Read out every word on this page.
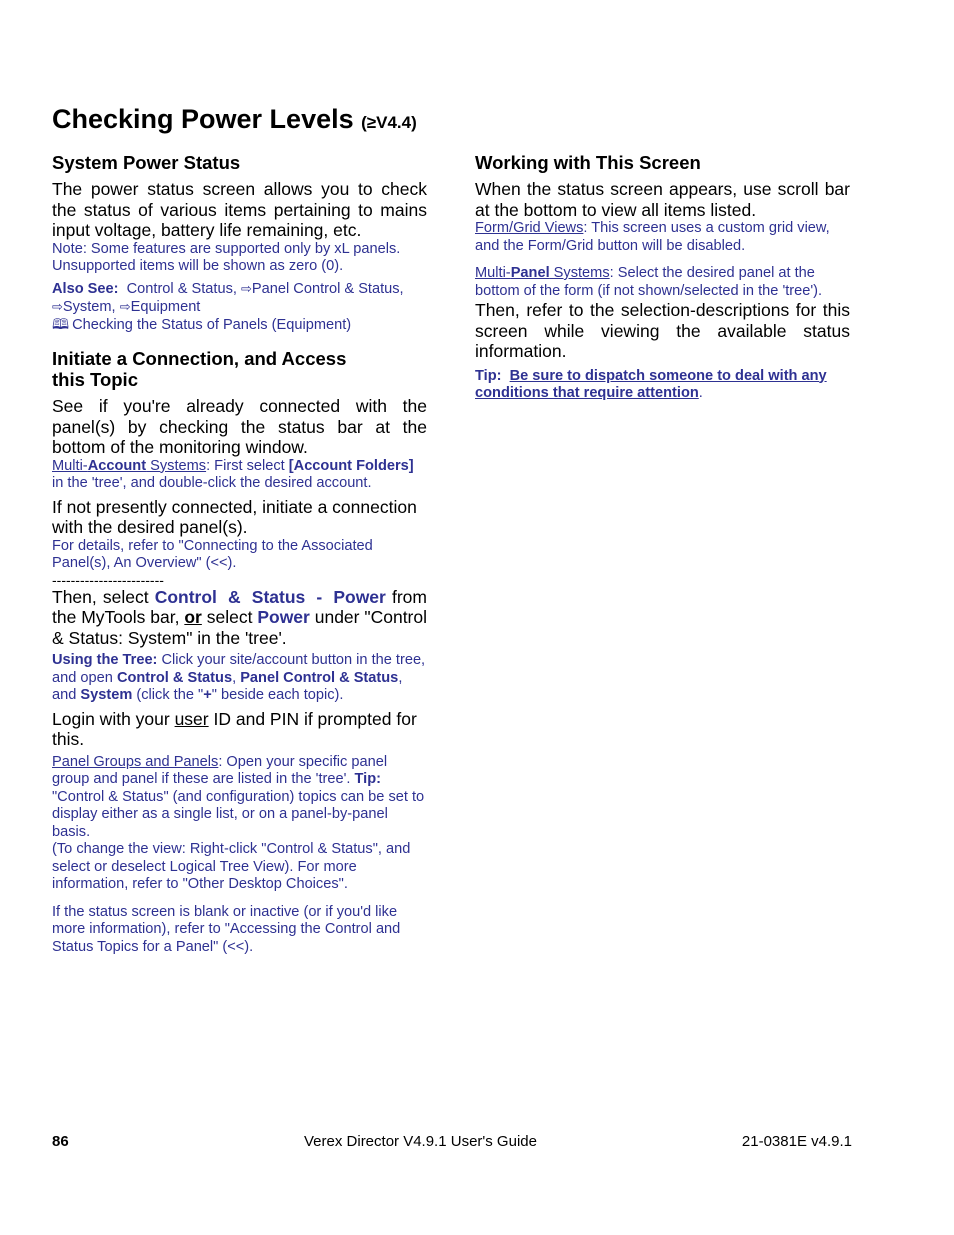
Checking Power Levels (≥V4.4)
System Power Status

The power status screen allows you to check the status of various items pertaining to mains input voltage, battery life remaining, etc.

Note: Some features are supported only by xL panels. Unsupported items will be shown as zero (0).

Also See: Control & Status, ⇨Panel Control & Status,
⇨System, ⇨Equipment
🕮 Checking the Status of Panels (Equipment)

Initiate a Connection, and Access
this Topic

See if you're already connected with the panel(s) by checking the status bar at the bottom of the monitoring window.

Multi-Account Systems: First select [Account Folders] in the 'tree', and double-click the desired account.

If not presently connected, initiate a connection with the desired panel(s).

For details, refer to "Connecting to the Associated Panel(s), An Overview" (<<).

------------------------

Then, select Control & Status - Power from the MyTools bar, or select Power under "Control & Status: System" in the 'tree'.

Using the Tree: Click your site/account button in the tree, and open Control & Status, Panel Control & Status, and System (click the "+" beside each topic).

Login with your user ID and PIN if prompted for this.

Panel Groups and Panels: Open your specific panel group and panel if these are listed in the 'tree'. Tip: "Control & Status" (and configuration) topics can be set to display either as a single list, or on a panel-by-panel basis.

(To change the view: Right-click "Control & Status", and select or deselect Logical Tree View). For more information, refer to "Other Desktop Choices".

If the status screen is blank or inactive (or if you'd like more information), refer to "Accessing the Control and Status Topics for a Panel" (<<).

Working with This Screen

When the status screen appears, use scroll bar at the bottom to view all items listed.

Form/Grid Views: This screen uses a custom grid view, and the Form/Grid button will be disabled.

Multi-Panel Systems: Select the desired panel at the bottom of the form (if not shown/selected in the 'tree').

Then, refer to the selection-descriptions for this screen while viewing the available status information.

Tip: Be sure to dispatch someone to deal with any conditions that require attention.

86	Verex Director V4.9.1 User's Guide	21-0381E v4.9.1
